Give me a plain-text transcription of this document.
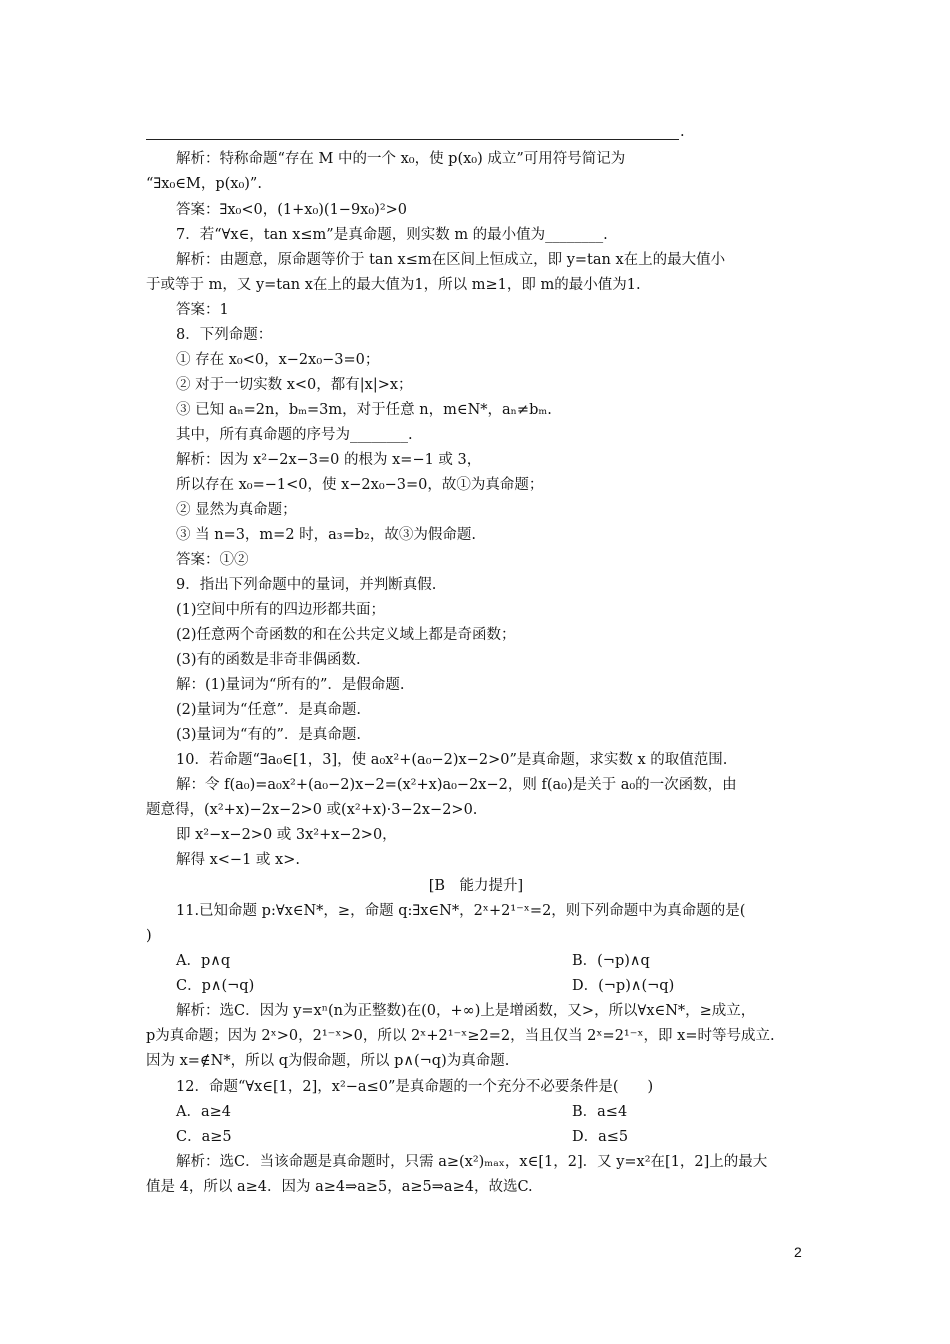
.
解析：特称命题“存在 M 中的一个 x₀，使 p(x₀) 成立”可用符号简记为
“∃x₀∈M，p(x₀)”.
答案：∃x₀<0，(1+x₀)(1−9x₀)²>0
7．若“∀x∈，tan x≤m”是真命题，则实数 m 的最小值为________.
解析：由题意，原命题等价于 tan x≤m在区间上恒成立，即 y=tan x在上的最大值小
于或等于 m，又 y=tan x在上的最大值为1，所以 m≥1，即 m的最小值为1.
答案：1
8．下列命题：
① 存在 x₀<0，x−2x₀−3=0；
② 对于一切实数 x<0，都有|x|>x；
③ 已知 aₙ=2n，bₘ=3m，对于任意 n，m∈N*，aₙ≠bₘ.
其中，所有真命题的序号为________.
解析：因为 x²−2x−3=0 的根为 x=−1 或 3，
所以存在 x₀=−1<0，使 x−2x₀−3=0，故①为真命题；
② 显然为真命题；
③ 当 n=3，m=2 时，a₃=b₂，故③为假命题.
答案：①②
9．指出下列命题中的量词，并判断真假.
(1)空间中所有的四边形都共面；
(2)任意两个奇函数的和在公共定义域上都是奇函数；
(3)有的函数是非奇非偶函数.
解：(1)量词为“所有的”．是假命题.
(2)量词为“任意”．是真命题.
(3)量词为“有的”．是真命题.
10．若命题“∃a₀∈[1，3]，使 a₀x²+(a₀−2)x−2>0”是真命题，求实数 x 的取值范围.
解：令 f(a₀)=a₀x²+(a₀−2)x−2=(x²+x)a₀−2x−2，则 f(a₀)是关于 a₀的一次函数，由
题意得，(x²+x)−2x−2>0 或(x²+x)·3−2x−2>0.
即 x²−x−2>0 或 3x²+x−2>0，
解得 x<−1 或 x>.
[B　能力提升]
11.已知命题 p:∀x∈N*，≥，命题 q:∃x∈N*，2ˣ+2¹⁻ˣ=2，则下列命题中为真命题的是(
)
A．p∧q	B．(¬p)∧q
C．p∧(¬q)	D．(¬p)∧(¬q)
解析：选C．因为 y=xⁿ(n为正整数)在(0，+∞)上是增函数，又>，所以∀x∈N*，≥成立，
p为真命题；因为 2ˣ>0，2¹⁻ˣ>0，所以 2ˣ+2¹⁻ˣ≥2=2，当且仅当 2ˣ=2¹⁻ˣ，即 x=时等号成立.
因为 x=∉N*，所以 q为假命题，所以 p∧(¬q)为真命题.
12．命题“∀x∈[1，2]，x²−a≤0”是真命题的一个充分不必要条件是(　　)
A．a≥4	B．a≤4
C．a≥5	D．a≤5
解析：选C．当该命题是真命题时，只需 a≥(x²)ₘₐₓ，x∈[1，2]．又 y=x²在[1，2]上的最大
值是 4，所以 a≥4．因为 a≥4⇒a≥5，a≥5⇒a≥4，故选C.
2
